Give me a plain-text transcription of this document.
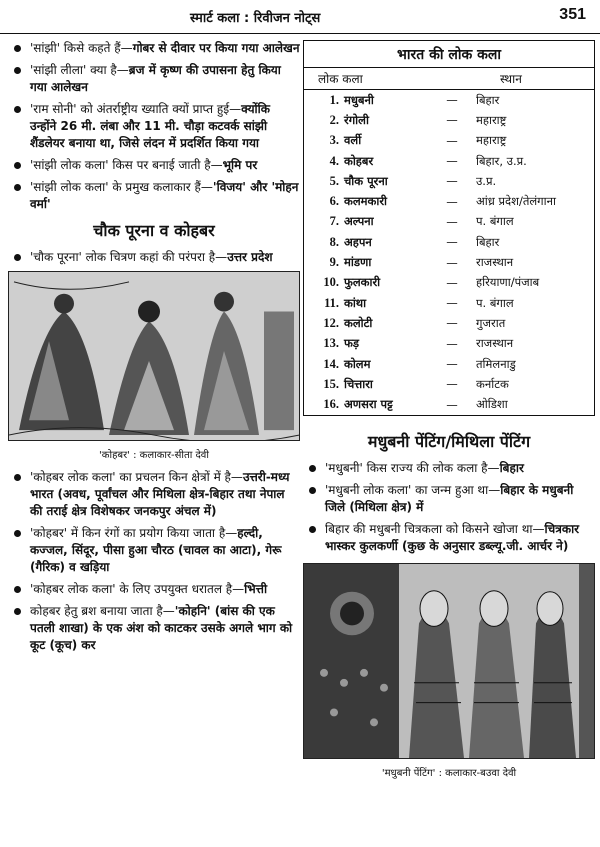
स्मार्ट कला : रिवीजन नोट्स	351
'सांझी' किसे कहते हैं—गोबर से दीवार पर किया गया आलेखन
'सांझी लीला' क्या है—ब्रज में कृष्ण की उपासना हेतु किया गया आलेखन
'राम सोनी' को अंतर्राष्ट्रीय ख्याति क्यों प्राप्त हुई—क्योंकि उन्होंने 26 मी. लंबा और 11 मी. चौड़ा कटवर्क सांझी शैंडलेयर बनाया था, जिसे लंदन में प्रदर्शित किया गया
'सांझी लोक कला' किस पर बनाई जाती है—भूमि पर
'सांझी लोक कला' के प्रमुख कलाकार हैं—'विजय' और 'मोहन वर्मा'
चौक पूरना व कोहबर
'चौक पूरना' लोक चित्रण कहां की परंपरा है—उत्तर प्रदेश
'कोहबर' : कलाकार-सीता देवी
'कोहबर लोक कला' का प्रचलन किन क्षेत्रों में है—उत्तरी-मध्य भारत (अवध, पूर्वांचल और मिथिला क्षेत्र-बिहार तथा नेपाल की तराई क्षेत्र विशेषकर जनकपुर अंचल में)
'कोहबर' में किन रंगों का प्रयोग किया जाता है—हल्दी, कज्जल, सिंदूर, पीसा हुआ चौरठ (चावल का आटा), गेरू (गैरिक) व खड़िया
'कोहबर लोक कला' के लिए उपयुक्त धरातल है—भित्ती
कोहबर हेतु ब्रश बनाया जाता है—'कोहनि' (बांस की एक पतली शाखा) के एक अंश को काटकर उसके अगले भाग को कूट (कूच) कर
भारत की लोक कला
लोक कला	स्थान
1. मधुबनी	—	बिहार
2. रंगोली	—	महाराष्ट्र
3. वर्ली	—	महाराष्ट्र
4. कोहबर	—	बिहार, उ.प्र.
5. चौक पूरना	—	उ.प्र.
6. कलमकारी	—	आंध्र प्रदेश/तेलंगाना
7. अल्पना	—	प. बंगाल
8. अहपन	—	बिहार
9. मांडणा	—	राजस्थान
10. फुलकारी	—	हरियाणा/पंजाब
11. कांथा	—	प. बंगाल
12. कलोटी	—	गुजरात
13. फड़	—	राजस्थान
14. कोलम	—	तमिलनाडु
15. चित्तारा	—	कर्नाटक
16. अणसरा पट्ट	—	ओडिशा
मधुबनी पेंटिंग/मिथिला पेंटिंग
'मधुबनी' किस राज्य की लोक कला है—बिहार
'मधुबनी लोक कला' का जन्म हुआ था—बिहार के मधुबनी जिले (मिथिला क्षेत्र) में
बिहार की मधुबनी चित्रकला को किसने खोजा था—चित्रकार भास्कर कुलकर्णी (कुछ के अनुसार डब्ल्यू.जी. आर्चर ने)
'मधुबनी पेंटिंग' : कलाकार-बउवा देवी
